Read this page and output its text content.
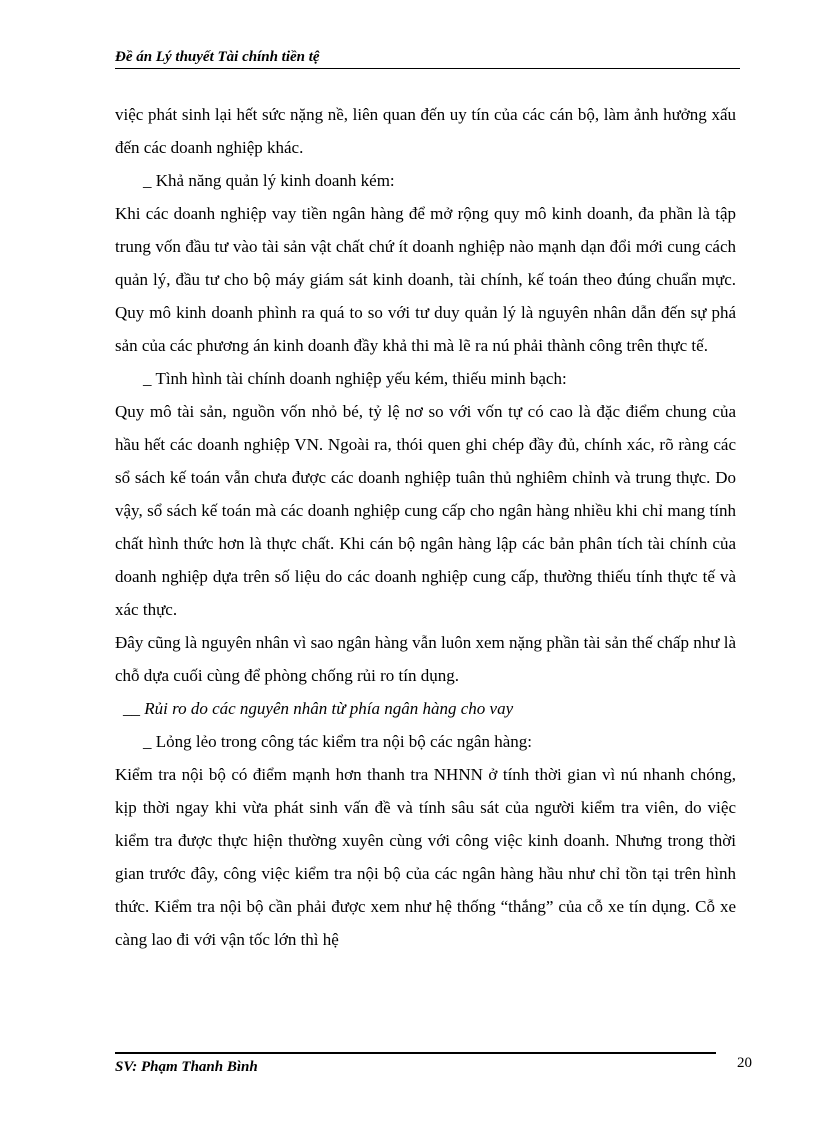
Đề án Lý thuyết Tài chính tiền tệ

việc phát sinh lại hết sức nặng nề, liên quan đến uy tín của các cán bộ, làm ảnh hưởng xấu đến các doanh nghiệp khác.

_ Khả năng quản lý kinh doanh kém:

Khi các doanh nghiệp vay tiền ngân hàng để mở rộng quy mô kinh doanh, đa phần là tập trung vốn đầu tư vào tài sản vật chất chứ ít doanh nghiệp nào mạnh dạn đổi mới cung cách quản lý, đầu tư cho bộ máy giám sát kinh doanh, tài chính, kế toán theo đúng chuẩn mực. Quy mô kinh doanh phình ra quá to so với tư duy quản lý là nguyên nhân dẫn đến sự phá sản của các phương án kinh doanh đầy khả thi mà lẽ ra nú phải thành công trên thực tế.

_ Tình hình tài chính doanh nghiệp yếu kém, thiếu minh bạch:

Quy mô tài sản, nguồn vốn nhỏ bé, tỷ lệ nơ so với vốn tự có cao là đặc điểm chung của hầu hết các doanh nghiệp VN. Ngoài ra, thói quen ghi chép đầy đủ, chính xác, rõ ràng các sổ sách kế toán vẫn chưa được các doanh nghiệp tuân thủ nghiêm chỉnh và trung thực. Do vậy, sổ sách kế toán mà các doanh nghiệp cung cấp cho ngân hàng nhiều khi chỉ mang tính chất hình thức hơn là thực chất. Khi cán bộ ngân hàng lập các bản phân tích tài chính của doanh nghiệp dựa trên số liệu do các doanh nghiệp cung cấp, thường thiếu tính thực tế và xác thực.

Đây cũng là nguyên nhân vì sao ngân hàng vẫn luôn xem nặng phần tài sản thế chấp như là chỗ dựa cuối cùng để phòng chống rủi ro tín dụng.

__ Rủi ro do các nguyên nhân từ phía ngân hàng cho vay

_ Lỏng lẻo trong công tác kiểm tra nội bộ các ngân hàng:

Kiểm tra nội bộ có điểm mạnh hơn thanh tra NHNN ở tính thời gian vì nú nhanh chóng, kịp thời ngay khi vừa phát sinh vấn đề và tính sâu sát của người kiểm tra viên, do việc kiểm tra được thực hiện thường xuyên cùng với công việc kinh doanh. Nhưng trong thời gian trước đây, công việc kiểm tra nội bộ của các ngân hàng hầu như chỉ tồn tại trên hình thức. Kiểm tra nội bộ cần phải được xem như hệ thống “thắng” của cỗ xe tín dụng. Cỗ xe càng lao đi với vận tốc lớn thì hệ

SV: Phạm Thanh Bình	20
